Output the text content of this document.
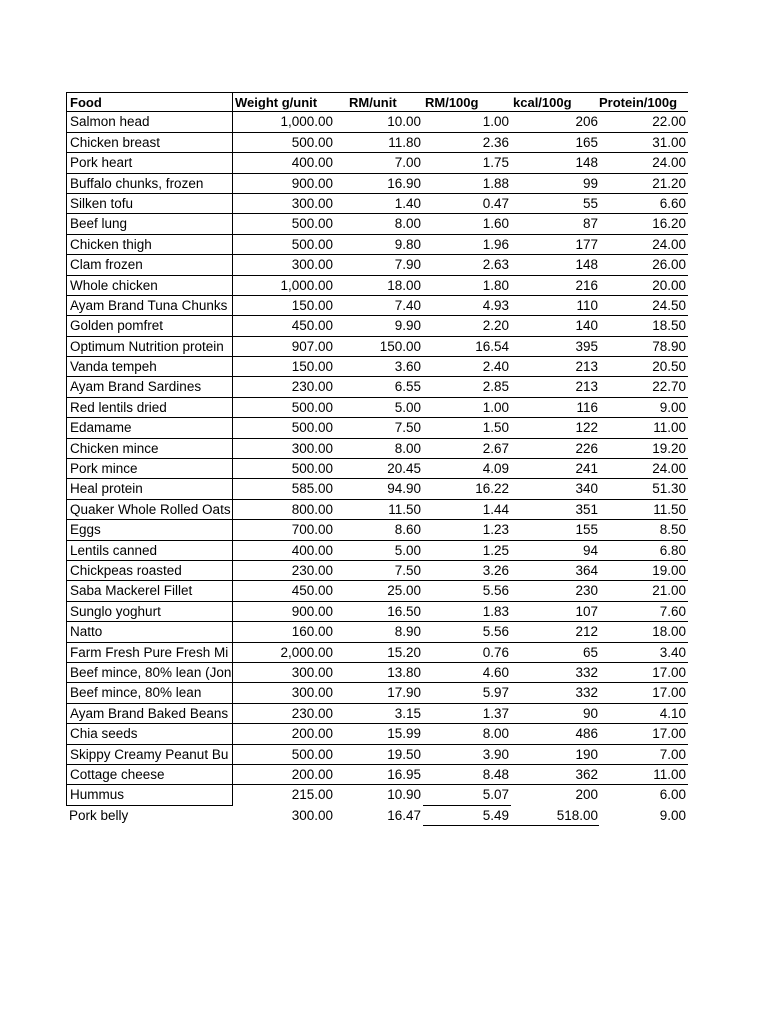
Food	Weight g/unit	RM/unit	RM/100g	kcal/100g	Protein/100g
Salmon head	1,000.00	10.00	1.00	206	22.00
Chicken breast	500.00	11.80	2.36	165	31.00
Pork heart	400.00	7.00	1.75	148	24.00
Buffalo chunks, frozen	900.00	16.90	1.88	99	21.20
Silken tofu	300.00	1.40	0.47	55	6.60
Beef lung	500.00	8.00	1.60	87	16.20
Chicken thigh	500.00	9.80	1.96	177	24.00
Clam frozen	300.00	7.90	2.63	148	26.00
Whole chicken	1,000.00	18.00	1.80	216	20.00
Ayam Brand Tuna Chunks	150.00	7.40	4.93	110	24.50
Golden pomfret	450.00	9.90	2.20	140	18.50
Optimum Nutrition protein	907.00	150.00	16.54	395	78.90
Vanda tempeh	150.00	3.60	2.40	213	20.50
Ayam Brand Sardines	230.00	6.55	2.85	213	22.70
Red lentils dried	500.00	5.00	1.00	116	9.00
Edamame	500.00	7.50	1.50	122	11.00
Chicken mince	300.00	8.00	2.67	226	19.20
Pork mince	500.00	20.45	4.09	241	24.00
Heal protein	585.00	94.90	16.22	340	51.30
Quaker Whole Rolled Oats	800.00	11.50	1.44	351	11.50
Eggs	700.00	8.60	1.23	155	8.50
Lentils canned	400.00	5.00	1.25	94	6.80
Chickpeas roasted	230.00	7.50	3.26	364	19.00
Saba Mackerel Fillet	450.00	25.00	5.56	230	21.00
Sunglo yoghurt	900.00	16.50	1.83	107	7.60
Natto	160.00	8.90	5.56	212	18.00
Farm Fresh Pure Fresh Mi	2,000.00	15.20	0.76	65	3.40
Beef mince, 80% lean (Jon	300.00	13.80	4.60	332	17.00
Beef mince, 80% lean	300.00	17.90	5.97	332	17.00
Ayam Brand Baked Beans	230.00	3.15	1.37	90	4.10
Chia seeds	200.00	15.99	8.00	486	17.00
Skippy Creamy Peanut Bu	500.00	19.50	3.90	190	7.00
Cottage cheese	200.00	16.95	8.48	362	11.00
Hummus	215.00	10.90	5.07	200	6.00
Pork belly	300.00	16.47	5.49	518.00	9.00
